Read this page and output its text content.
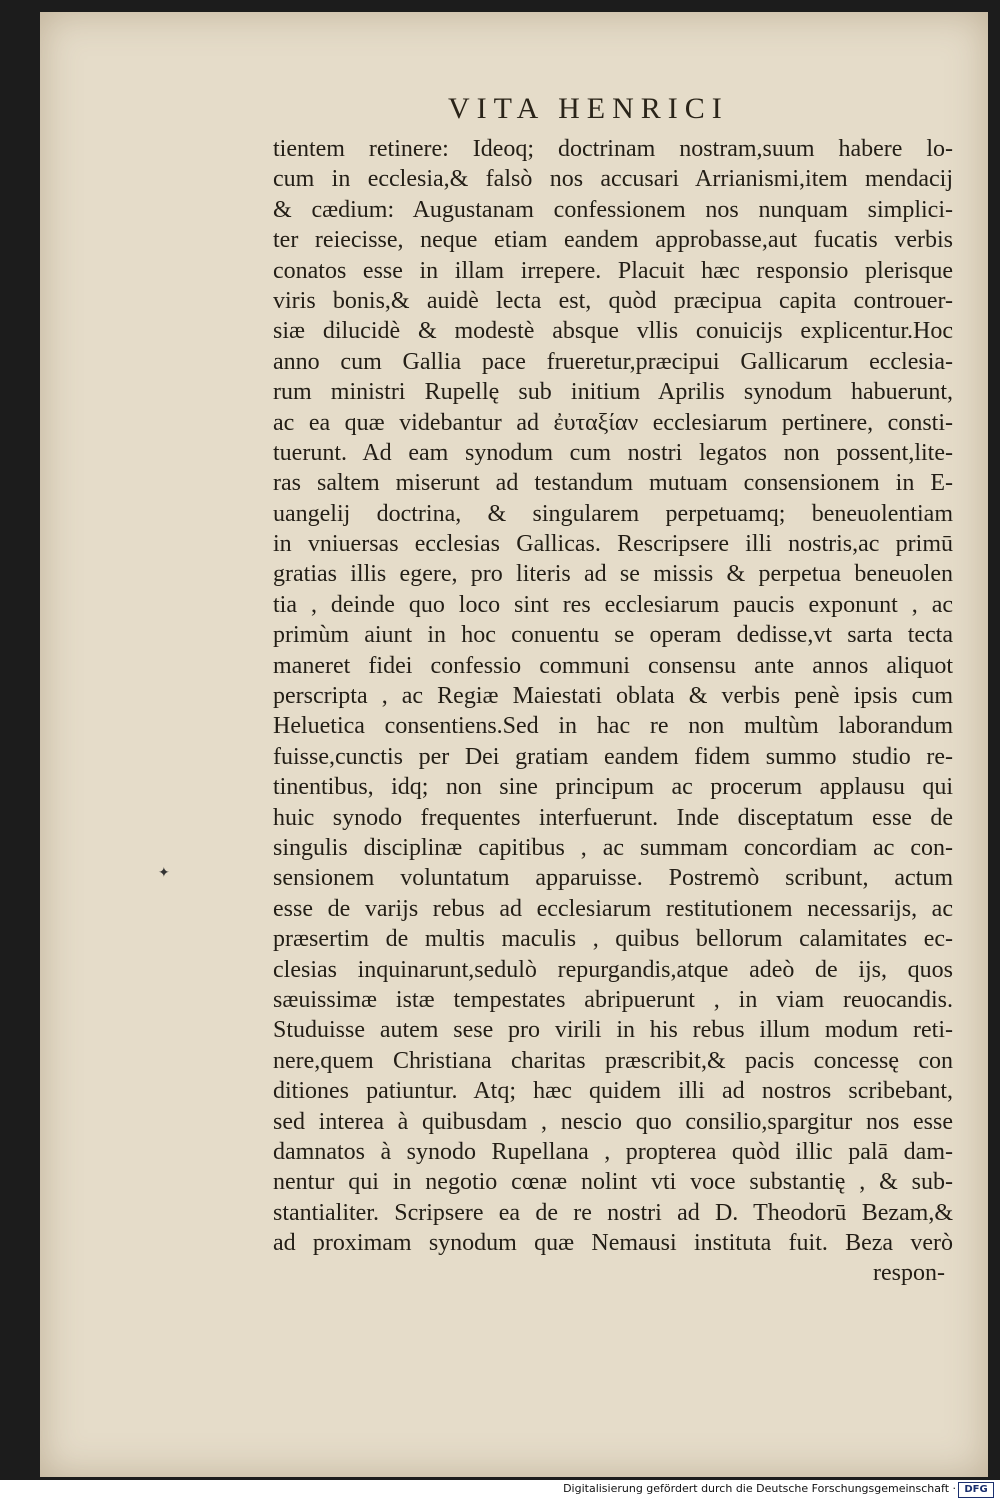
VITA HENRICI
tientem retinere: Ideoq; doctrinam nostram,suum habere lo-
cum in ecclesia,& falsò nos accusari Arrianismi,item mendacij
& cædium: Augustanam confessionem nos nunquam simplici-
ter reiecisse, neque etiam eandem approbasse,aut fucatis verbis
conatos esse in illam irrepere. Placuit hæc responsio plerisque
viris bonis,& auidè lecta est, quòd præcipua capita controuer-
siæ dilucidè & modestè absque vllis conuicijs explicentur.Hoc
anno cum Gallia pace frueretur,præcipui Gallicarum ecclesia-
rum ministri Rupellę sub initium Aprilis synodum habuerunt,
ac ea quæ videbantur ad ἐυταξίαν ecclesiarum pertinere, consti-
tuerunt. Ad eam synodum cum nostri legatos non possent,lite-
ras saltem miserunt ad testandum mutuam consensionem in E-
uangelij doctrina, & singularem perpetuamq; beneuolentiam
in vniuersas ecclesias Gallicas. Rescripsere illi nostris,ac primū
gratias illis egere, pro literis ad se missis & perpetua beneuolen
tia , deinde quo loco sint res ecclesiarum paucis exponunt , ac
primùm aiunt in hoc conuentu se operam dedisse,vt sarta tecta
maneret fidei confessio communi consensu ante annos aliquot
perscripta , ac Regiæ Maiestati oblata & verbis penè ipsis cum
Heluetica consentiens.Sed in hac re non multùm laborandum
fuisse,cunctis per Dei gratiam eandem fidem summo studio re-
tinentibus, idq; non sine principum ac procerum applausu qui
huic synodo frequentes interfuerunt. Inde disceptatum esse de
singulis disciplinæ capitibus , ac summam concordiam ac con-
sensionem voluntatum apparuisse. Postremò scribunt, actum
esse de varijs rebus ad ecclesiarum restitutionem necessarijs, ac
præsertim de multis maculis , quibus bellorum calamitates ec-
clesias inquinarunt,sedulò repurgandis,atque adeò de ijs, quos
sæuissimæ istæ tempestates abripuerunt , in viam reuocandis.
Studuisse autem sese pro virili in his rebus illum modum reti-
nere,quem Christiana charitas præscribit,& pacis concessę con
ditiones patiuntur. Atq; hæc quidem illi ad nostros scribebant,
sed interea à quibusdam , nescio quo consilio,spargitur nos esse
damnatos à synodo Rupellana , propterea quòd illic palā dam-
nentur qui in negotio cœnæ nolint vti voce substantię , & sub-
stantialiter. Scripsere ea de re nostri ad D. Theodorū Bezam,&
ad proximam synodum quæ Nemausi instituta fuit. Beza verò
respon-
✦
Digitalisierung gefördert durch die Deutsche Forschungsgemeinschaft · DFG
